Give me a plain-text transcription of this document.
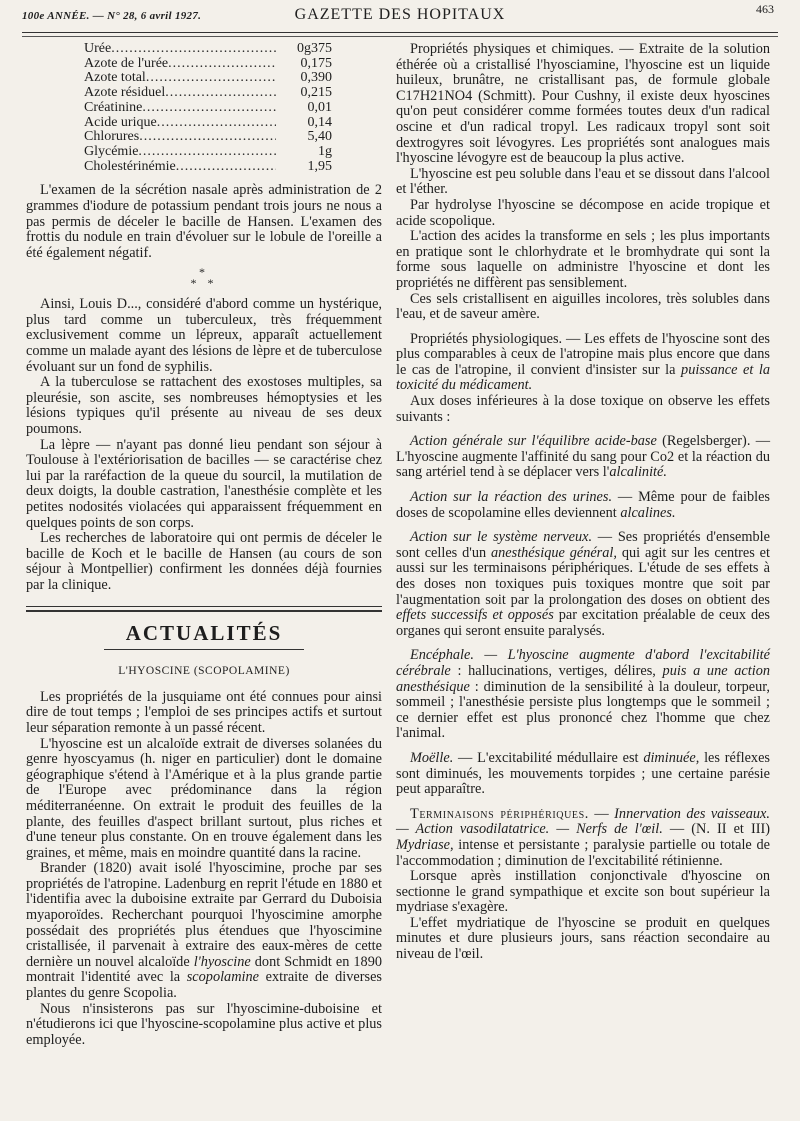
100e ANNÉE. — N° 28, 6 avril 1927.	GAZETTE DES HOPITAUX	463
Urée .....	0g375
Azote de l'urée .....	0,175
Azote total .....	0,390
Azote résiduel .....	0,215
Créatinine .....	0,01
Acide urique .....	0,14
Chlorures .....	5,40
Glycémie .....	1g
Cholestérinémie .....	1,95

L'examen de la sécrétion nasale après administration de 2 grammes d'iodure de potassium pendant trois jours ne nous a pas permis de déceler le bacille de Hansen. L'examen des frottis du nodule en train d'évoluer sur le lobule de l'oreille a été également négatif.

*
* *

Ainsi, Louis D..., considéré d'abord comme un hystérique, plus tard comme un tuberculeux, très fréquemment exclusivement comme un lépreux, apparaît actuellement comme un malade ayant des lésions de lèpre et de tuberculose évoluant sur un fond de syphilis.

A la tuberculose se rattachent des exostoses multiples, sa pleurésie, son ascite, ses nombreuses hémoptysies et les lésions typiques qu'il présente au niveau de ses deux poumons.

La lèpre — n'ayant pas donné lieu pendant son séjour à Toulouse à l'extériorisation de bacilles — se caractérise chez lui par la raréfaction de la queue du sourcil, la mutilation de deux doigts, la double castration, l'anesthésie complète et les petites nodosités violacées qui apparaissent fréquemment en quelques points de son corps.

Les recherches de laboratoire qui ont permis de déceler le bacille de Koch et le bacille de Hansen (au cours de son séjour à Montpellier) confirment les données déjà fournies par la clinique.

ACTUALITÉS
L'HYOSCINE (SCOPOLAMINE)

Les propriétés de la jusquiame ont été connues pour ainsi dire de tout temps ; l'emploi de ses principes actifs et surtout leur séparation remonte à un passé récent.

L'hyoscine est un alcaloïde extrait de diverses solanées du genre hyoscyamus (h. niger en particulier) dont le domaine géographique s'étend à l'Amérique et à la plus grande partie de l'Europe avec prédominance dans la région méditerranéenne. On extrait le produit des feuilles de la plante, des feuilles d'aspect brillant surtout, plus riches et d'une teneur plus constante. On en trouve également dans les graines, et même, mais en moindre quantité dans la racine.

Brander (1820) avait isolé l'hyoscimine, proche par ses propriétés de l'atropine. Ladenburg en reprit l'étude en 1880 et l'identifia avec la duboisine extraite par Gerrard du Duboisia myaporoïdes. Recherchant pourquoi l'hyoscimine amorphe possédait des propriétés plus étendues que l'hyoscimine cristallisée, il parvenait à extraire des eaux-mères de cette dernière un nouvel alcaloïde l'hyoscine dont Schmidt en 1890 montrait l'identité avec la scopolamine extraite de diverses plantes du genre Scopolia.

Nous n'insisterons pas sur l'hyoscimine-duboisine et n'étudierons ici que l'hyoscine-scopolamine plus active et plus employée.

Propriétés physiques et chimiques. — Extraite de la solution éthérée où a cristallisé l'hyosciamine, l'hyoscine est un liquide huileux, brunâtre, ne cristallisant pas, de formule globale C17H21NO4 (Schmitt). Pour Cushny, il existe deux hyoscines qu'on peut considérer comme formées toutes deux d'un radical oscine et d'un radical tropyl. Les radicaux tropyl sont soit dextrogyres soit lévogyres. Les propriétés sont analogues mais l'hyoscine lévogyre est de beaucoup la plus active.

L'hyoscine est peu soluble dans l'eau et se dissout dans l'alcool et l'éther.

Par hydrolyse l'hyoscine se décompose en acide tropique et acide scopolique.

L'action des acides la transforme en sels ; les plus importants en pratique sont le chlorhydrate et le bromhydrate qui sont la forme sous laquelle on administre l'hyoscine et dont les propriétés ne diffèrent pas sensiblement.

Ces sels cristallisent en aiguilles incolores, très solubles dans l'eau, et de saveur amère.

Propriétés physiologiques. — Les effets de l'hyoscine sont des plus comparables à ceux de l'atropine mais plus encore que dans le cas de l'atropine, il convient d'insister sur la puissance et la toxicité du médicament.

Aux doses inférieures à la dose toxique on observe les effets suivants :

Action générale sur l'équilibre acide-base (Regelsberger). — L'hyoscine augmente l'affinité du sang pour Co2 et la réaction du sang artériel tend à se déplacer vers l'alcalinité.

Action sur la réaction des urines. — Même pour de faibles doses de scopolamine elles deviennent alcalines.

Action sur le système nerveux. — Ses propriétés d'ensemble sont celles d'un anesthésique général, qui agit sur les centres et aussi sur les terminaisons périphériques. L'étude de ses effets à des doses non toxiques puis toxiques montre que soit par l'augmentation soit par la prolongation des doses on obtient des effets successifs et opposés par excitation préalable de ceux des organes qui seront ensuite paralysés.

Encéphale. — L'hyoscine augmente d'abord l'excitabilité cérébrale : hallucinations, vertiges, délires, puis a une action anesthésique : diminution de la sensibilité à la douleur, torpeur, sommeil ; l'anesthésie persiste plus longtemps que le sommeil ; ce dernier effet est plus prononcé chez l'homme que chez l'animal.

Moëlle. — L'excitabilité médullaire est diminuée, les réflexes sont diminués, les mouvements torpides ; une certaine parésie peut apparaître.

Terminaisons périphériques. — Innervation des vaisseaux. — Action vasodilatatrice. — Nerfs de l'œil. — (N. II et III) Mydriase, intense et persistante ; paralysie partielle ou totale de l'accommodation ; diminution de l'excitabilité rétinienne.

Lorsque après instillation conjonctivale d'hyoscine on sectionne le grand sympathique et excite son bout supérieur la mydriase s'exagère.

L'effet mydriatique de l'hyoscine se produit en quelques minutes et dure plusieurs jours, sans réaction secondaire au niveau de l'œil.
